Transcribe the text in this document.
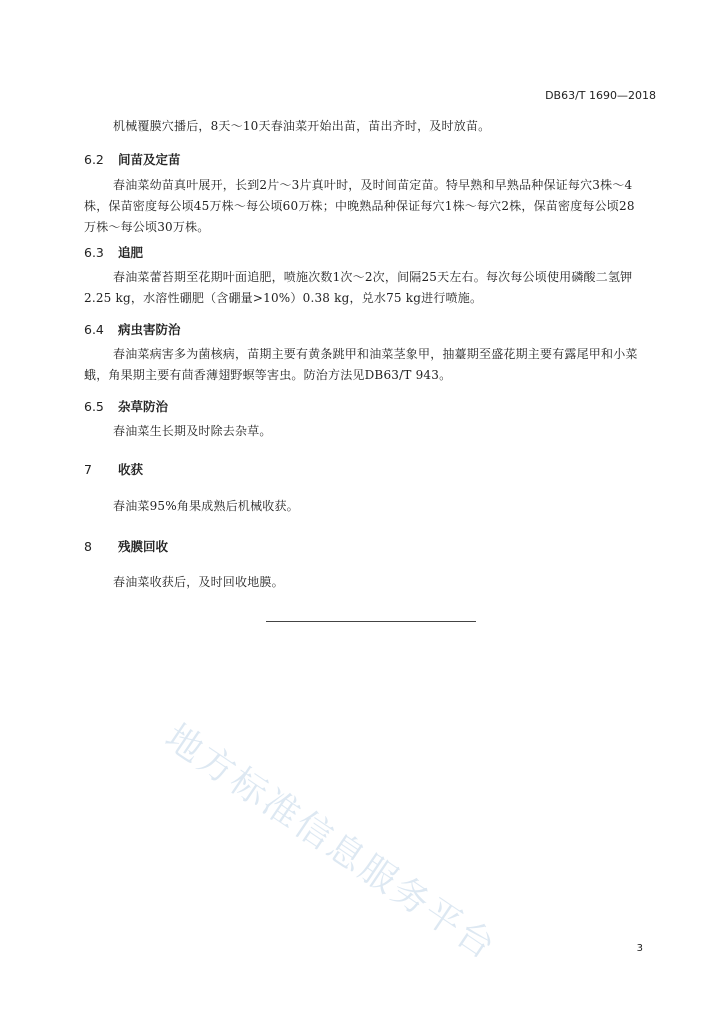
DB63/T 1690—2018

机械覆膜穴播后，8天～10天春油菜开始出苗，苗出齐时，及时放苗。

6.2 间苗及定苗

春油菜幼苗真叶展开，长到2片～3片真叶时，及时间苗定苗。特早熟和早熟品种保证每穴3株～4株，保苗密度每公顷45万株～每公顷60万株；中晚熟品种保证每穴1株～每穴2株，保苗密度每公顷28万株～每公顷30万株。

6.3 追肥

春油菜蕾苔期至花期叶面追肥，喷施次数1次～2次，间隔25天左右。每次每公顷使用磷酸二氢钾2.25 kg，水溶性硼肥（含硼量>10%）0.38 kg，兑水75 kg进行喷施。

6.4 病虫害防治

春油菜病害多为菌核病，苗期主要有黄条跳甲和油菜茎象甲，抽薹期至盛花期主要有露尾甲和小菜蛾，角果期主要有茴香薄翅野螟等害虫。防治方法见DB63/T 943。

6.5 杂草防治

春油菜生长期及时除去杂草。

7 收获

春油菜95%角果成熟后机械收获。

8 残膜回收

春油菜收获后，及时回收地膜。

地方标准信息服务平台	3
